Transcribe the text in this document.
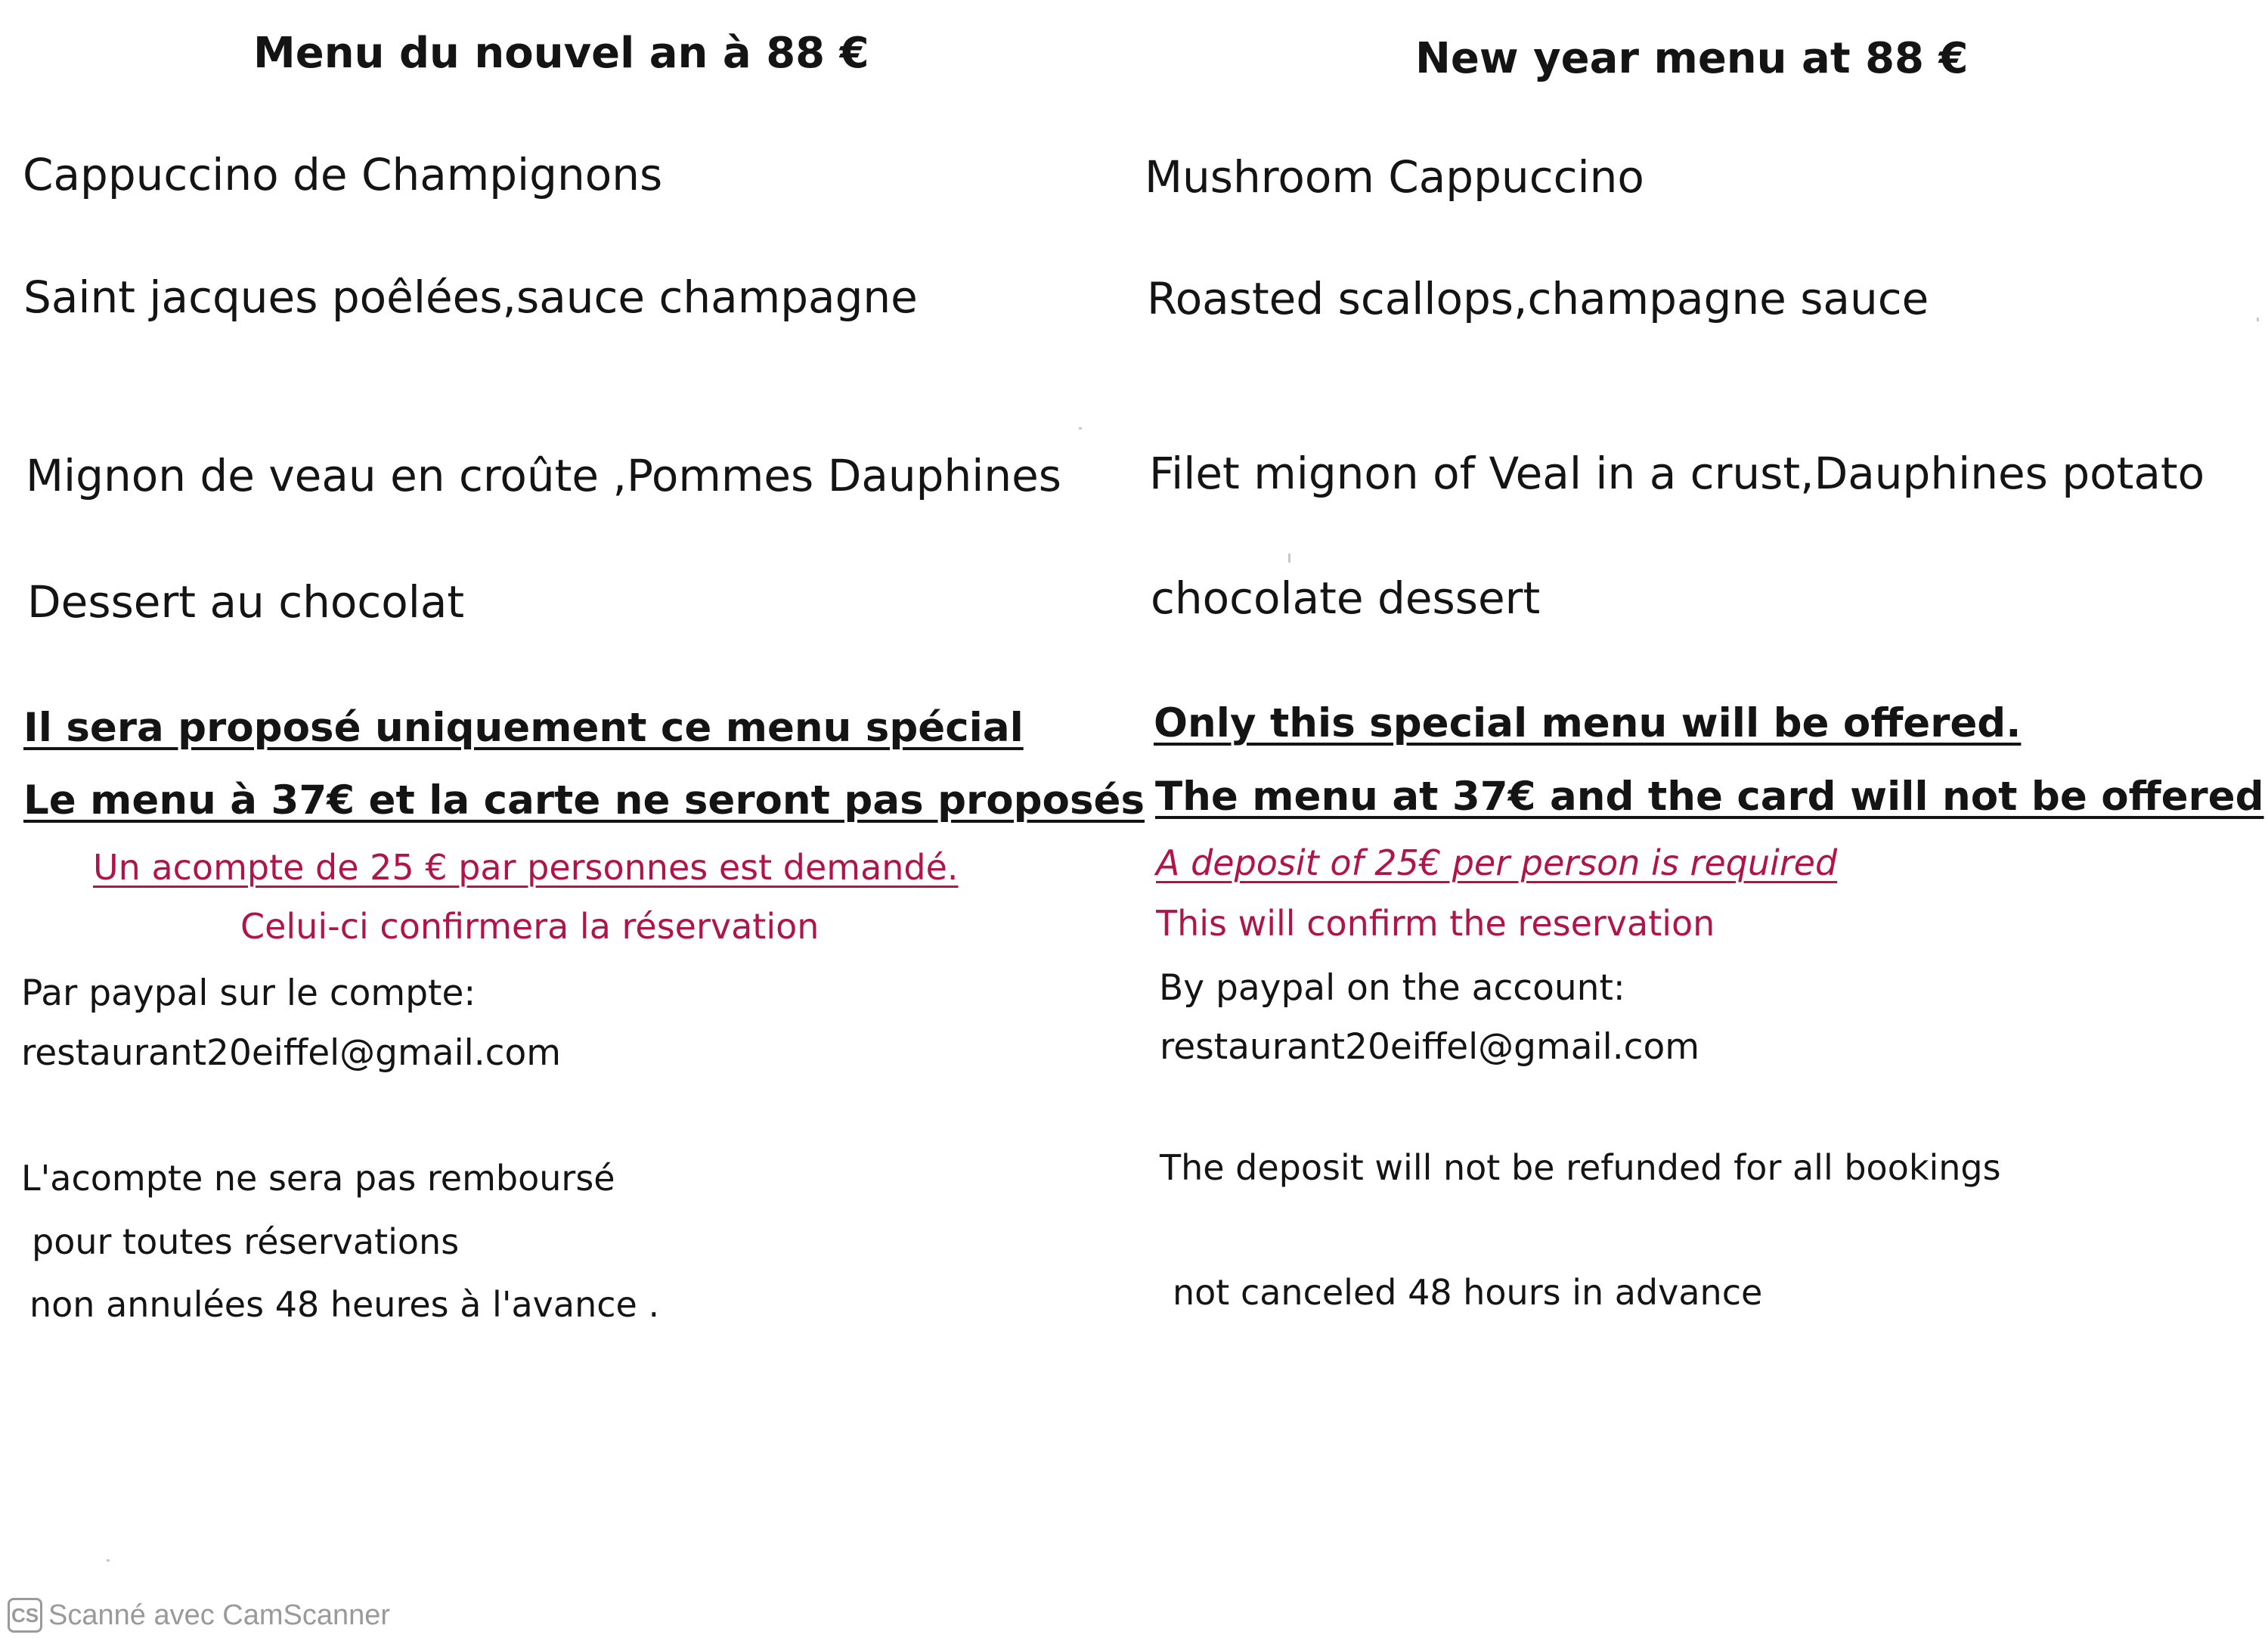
Menu du nouvel an à 88 €
Cappuccino de Champignons
Saint jacques poêlées,sauce champagne
Mignon de veau en croûte ,Pommes Dauphines
Dessert au chocolat
Il sera proposé uniquement ce menu spécial
Le menu à 37€ et la carte ne seront pas proposés
Un acompte de 25 € par personnes est demandé.
Celui-ci confirmera la réservation
Par paypal sur le compte:
restaurant20eiffel@gmail.com
L'acompte ne sera pas remboursé
pour toutes réservations
non annulées 48 heures à l'avance .
New year menu at 88 €
Mushroom Cappuccino
Roasted scallops,champagne sauce
Filet mignon of Veal in a crust,Dauphines potato
chocolate dessert
Only this special menu will be offered.
The menu at 37€ and the card will not be offered
A deposit of 25€ per person is required
This will confirm the reservation
By paypal on the account:
restaurant20eiffel@gmail.com
The deposit will not be refunded for all bookings
not canceled 48 hours in advance
CS Scanné avec CamScanner
